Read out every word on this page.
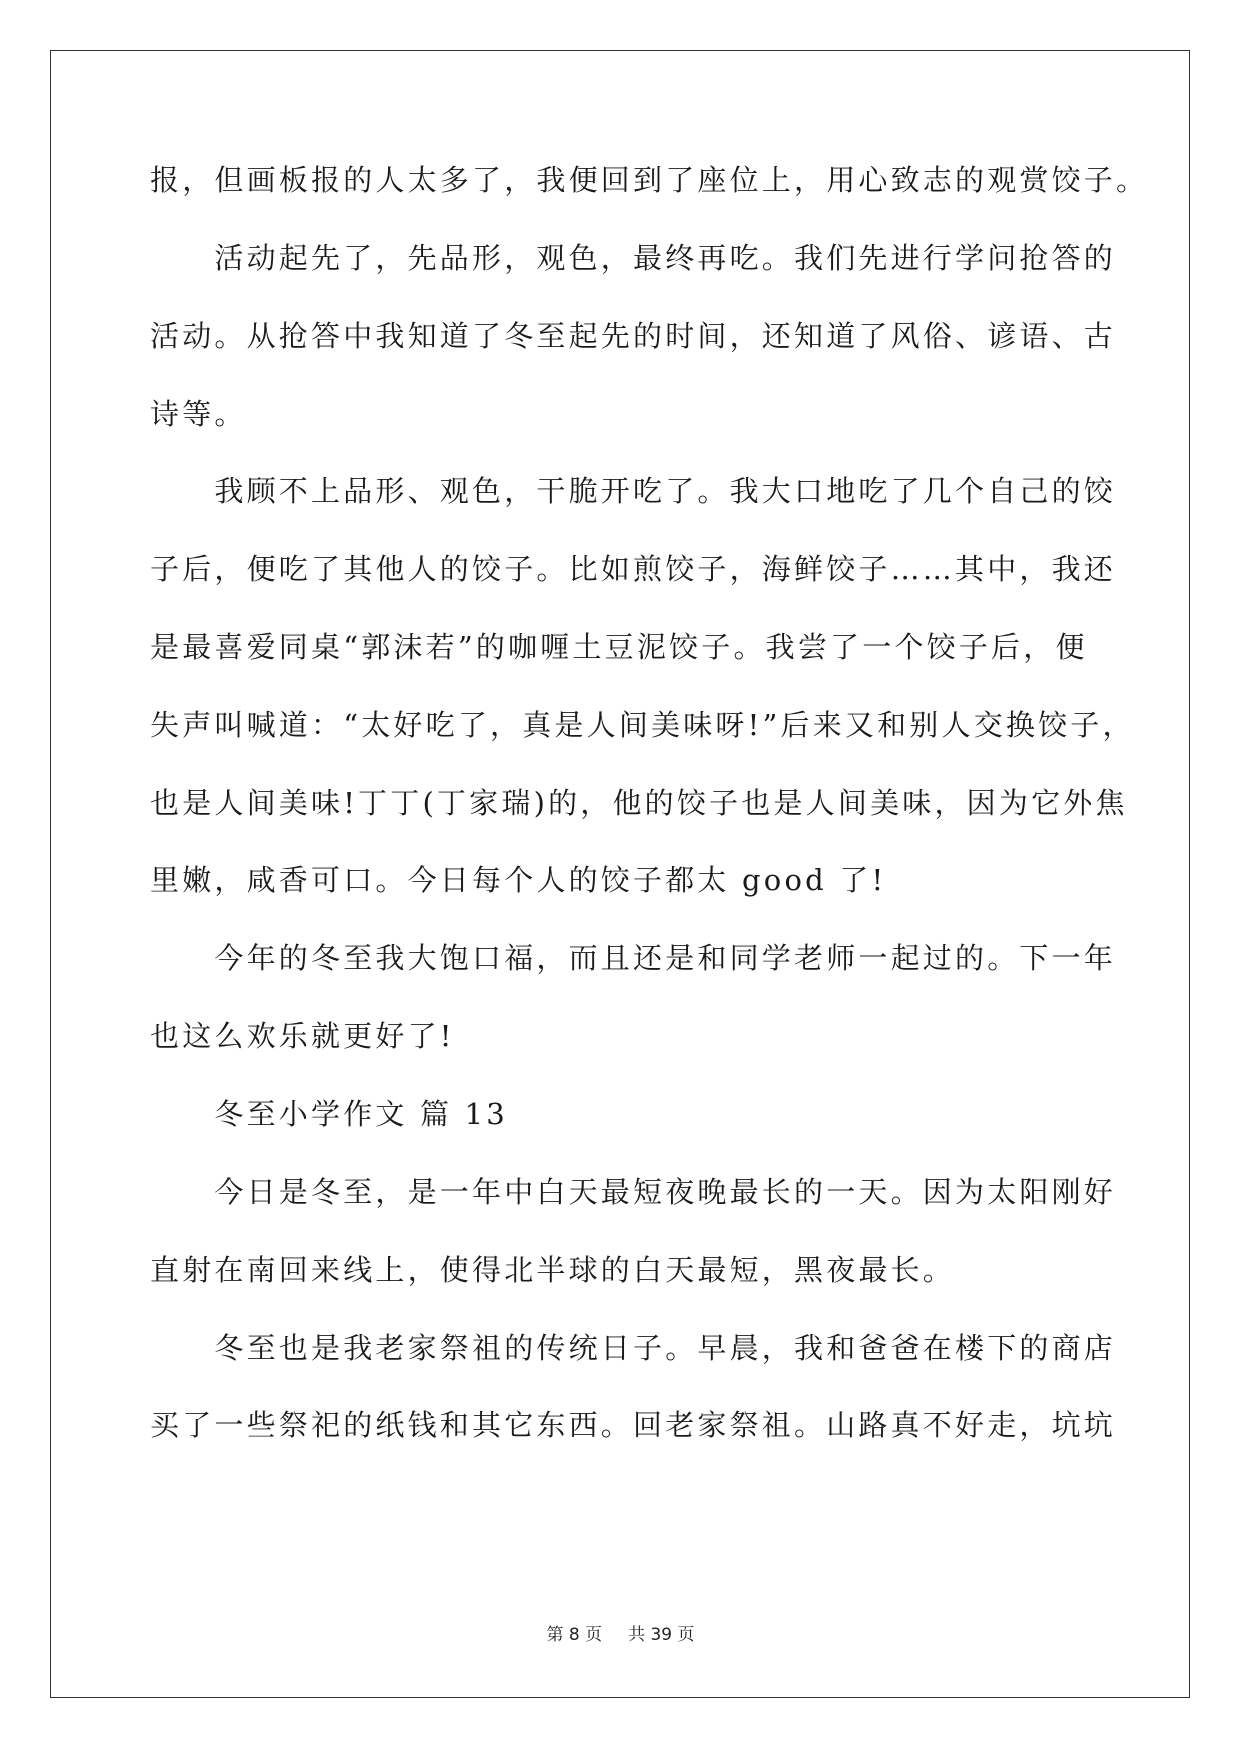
报，但画板报的人太多了，我便回到了座位上，用心致志的观赏饺子。
　　活动起先了，先品形，观色，最终再吃。我们先进行学问抢答的
活动。从抢答中我知道了冬至起先的时间，还知道了风俗、谚语、古
诗等。
　　我顾不上品形、观色，干脆开吃了。我大口地吃了几个自己的饺
子后，便吃了其他人的饺子。比如煎饺子，海鲜饺子……其中，我还
是最喜爱同桌“郭沫若”的咖喱土豆泥饺子。我尝了一个饺子后，便
失声叫喊道：“太好吃了，真是人间美味呀!”后来又和别人交换饺子，
也是人间美味!丁丁(丁家瑞)的，他的饺子也是人间美味，因为它外焦
里嫩，咸香可口。今日每个人的饺子都太 good 了!
　　今年的冬至我大饱口福，而且还是和同学老师一起过的。下一年
也这么欢乐就更好了!
　　冬至小学作文 篇 13
　　今日是冬至，是一年中白天最短夜晚最长的一天。因为太阳刚好
直射在南回来线上，使得北半球的白天最短，黑夜最长。
　　冬至也是我老家祭祖的传统日子。早晨，我和爸爸在楼下的商店
买了一些祭祀的纸钱和其它东西。回老家祭祖。山路真不好走，坑坑
第 8 页 共 39 页
